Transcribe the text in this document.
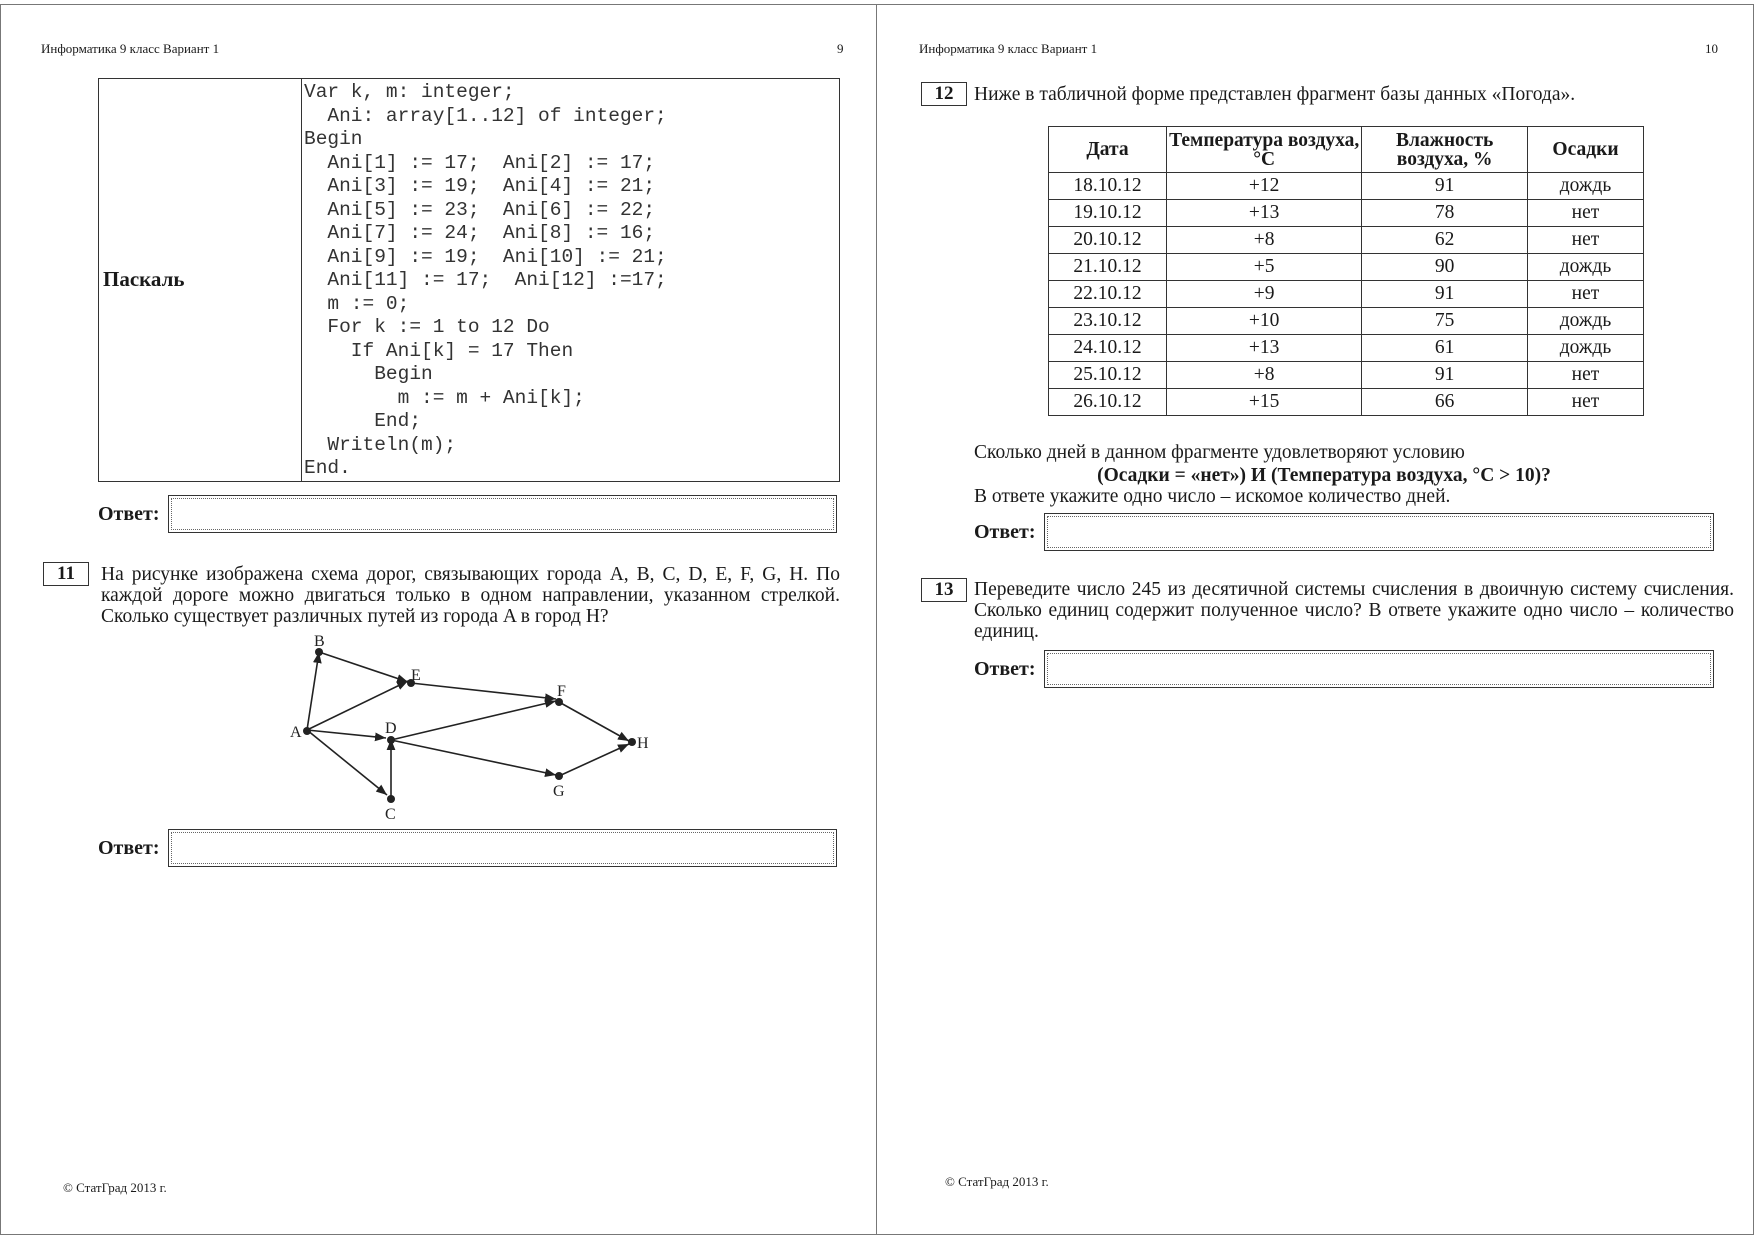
Информатика 9 класс Вариант 1	9
Паскаль	
Var k, m: integer;
Ani: array[1..12] of integer;
Begin
Ani[1] := 17;  Ani[2] := 17;
Ani[3] := 19;  Ani[4] := 21;
Ani[5] := 23;  Ani[6] := 22;
Ani[7] := 24;  Ani[8] := 16;
Ani[9] := 19;  Ani[10] := 21;
Ani[11] := 17;  Ani[12] :=17;
m := 0;
For k := 1 to 12 Do
If Ani[k] = 17 Then
Begin
m := m + Ani[k];
End;
Writeln(m);
End.
Ответ:
11	На рисунке изображена схема дорог, связывающих города A, B, C, D, E, F, G, H. По каждой дороге можно двигаться только в одном направлении, указанном стрелкой. Сколько существует различных путей из города A в город H?
A
B
C
D
E
F
G
H
Ответ:
© СтатГрад 2013 г.
Информатика 9 класс Вариант 1	10
12	Ниже в табличной форме представлен фрагмент базы данных «Погода».
Дата	Температура воздуха, °С	Влажность воздуха, %	Осадки
18.10.12	+12	91	дождь
19.10.12	+13	78	нет
20.10.12	+8	62	нет
21.10.12	+5	90	дождь
22.10.12	+9	91	нет
23.10.12	+10	75	дождь
24.10.12	+13	61	дождь
25.10.12	+8	91	нет
26.10.12	+15	66	нет
Сколько дней в данном фрагменте удовлетворяют условию
(Осадки = «нет») И (Температура воздуха, °С > 10)?
В ответе укажите одно число – искомое количество дней.
Ответ:
13	Переведите число 245 из десятичной системы счисления в двоичную систему счисления. Сколько единиц содержит полученное число? В ответе укажите одно число – количество единиц.
Ответ:
© СтатГрад 2013 г.
